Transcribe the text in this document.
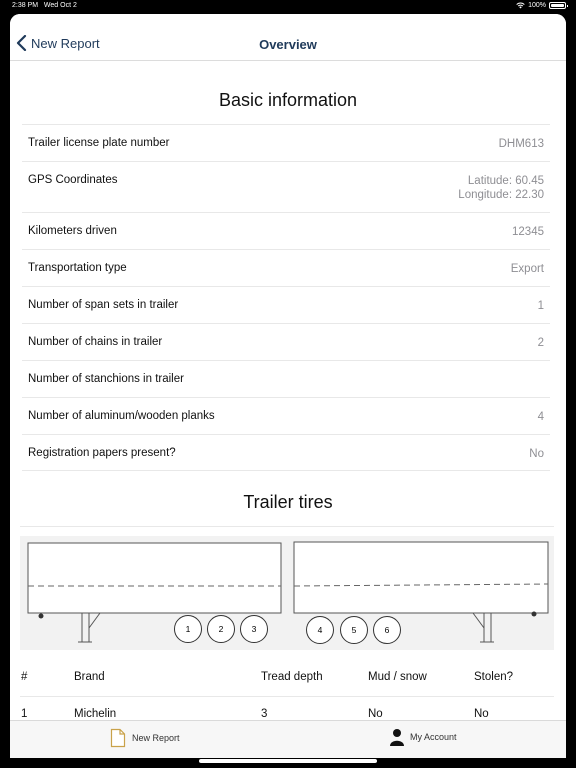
2:38 PM Wed Oct 2	100%
New Report	Overview
Basic information
Trailer license plate number	DHM613
GPS Coordinates	Latitude: 60.45
Longitude: 22.30
Kilometers driven	12345
Transportation type	Export
Number of span sets in trailer	1
Number of chains in trailer	2
Number of stanchions in trailer
Number of aluminum/wooden planks	4
Registration papers present?	No
Trailer tires
1	2	3	4	5	6
#	Brand	Tread depth	Mud / snow	Stolen?
1	Michelin	3	No	No
New Report	My Account
